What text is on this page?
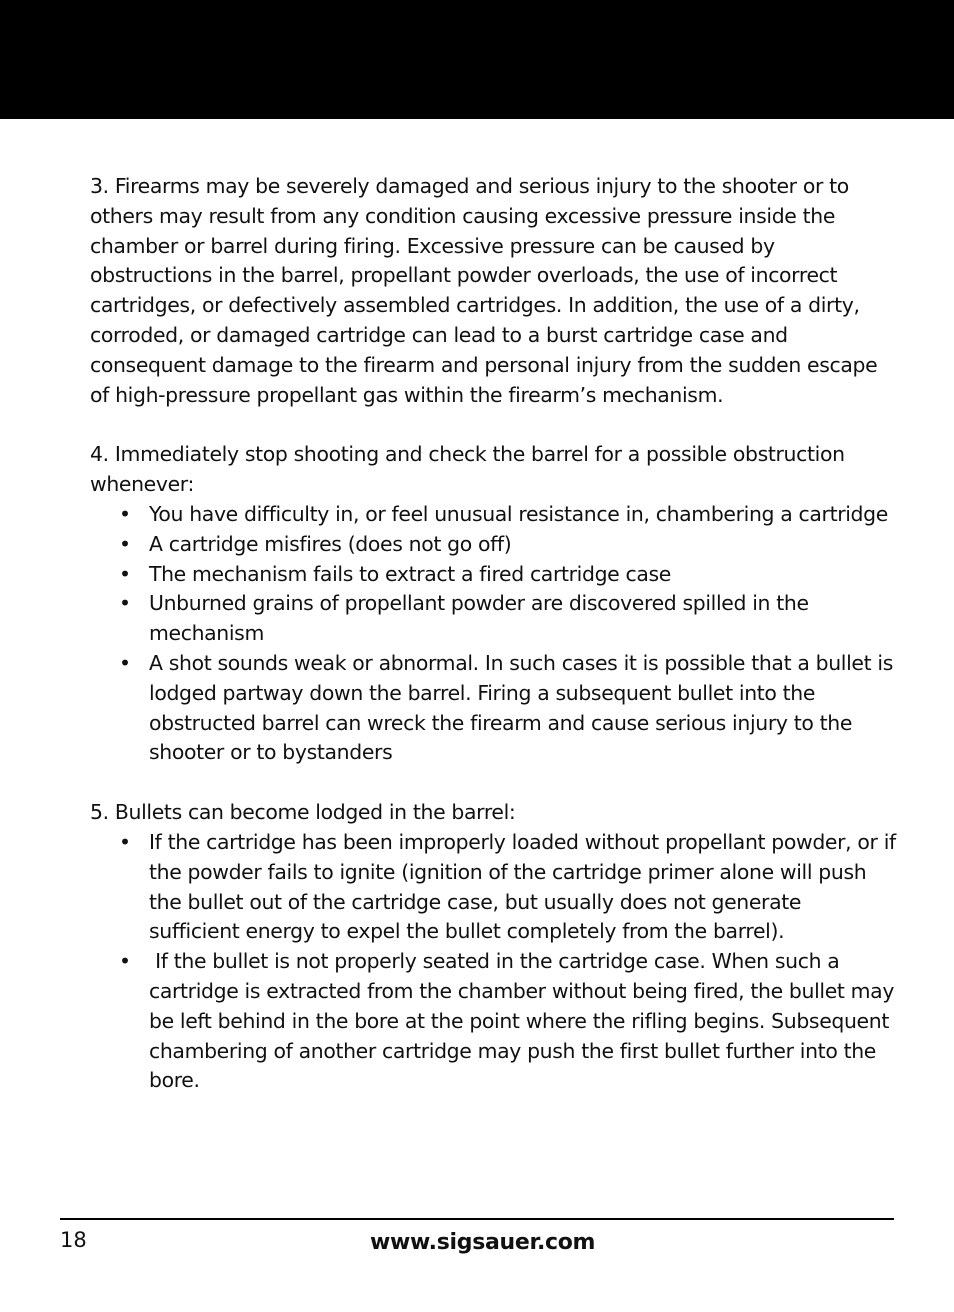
3. Firearms may be severely damaged and serious injury to the shooter or to others may result from any condition causing excessive pressure inside the chamber or barrel during firing. Excessive pressure can be caused by obstructions in the barrel, propellant powder overloads, the use of incorrect cartridges, or defectively assembled cartridges. In addition, the use of a dirty, corroded, or damaged cartridge can lead to a burst cartridge case and consequent damage to the firearm and personal injury from the sudden escape of high-pressure propellant gas within the firearm’s mechanism.

4. Immediately stop shooting and check the barrel for a possible obstruction whenever:

• You have difficulty in, or feel unusual resistance in, chambering a cartridge
• A cartridge misfires (does not go off)
• The mechanism fails to extract a fired cartridge case
• Unburned grains of propellant powder are discovered spilled in the mechanism
• A shot sounds weak or abnormal. In such cases it is possible that a bullet is lodged partway down the barrel. Firing a subsequent bullet into the obstructed barrel can wreck the firearm and cause serious injury to the shooter or to bystanders

5. Bullets can become lodged in the barrel:

• If the cartridge has been improperly loaded without propellant powder, or if the powder fails to ignite (ignition of the cartridge primer alone will push the bullet out of the cartridge case, but usually does not generate sufficient energy to expel the bullet completely from the barrel).
• If the bullet is not properly seated in the cartridge case. When such a cartridge is extracted from the chamber without being fired, the bullet may be left behind in the bore at the point where the rifling begins. Subsequent chambering of another cartridge may push the first bullet further into the bore.
18	www.sigsauer.com
